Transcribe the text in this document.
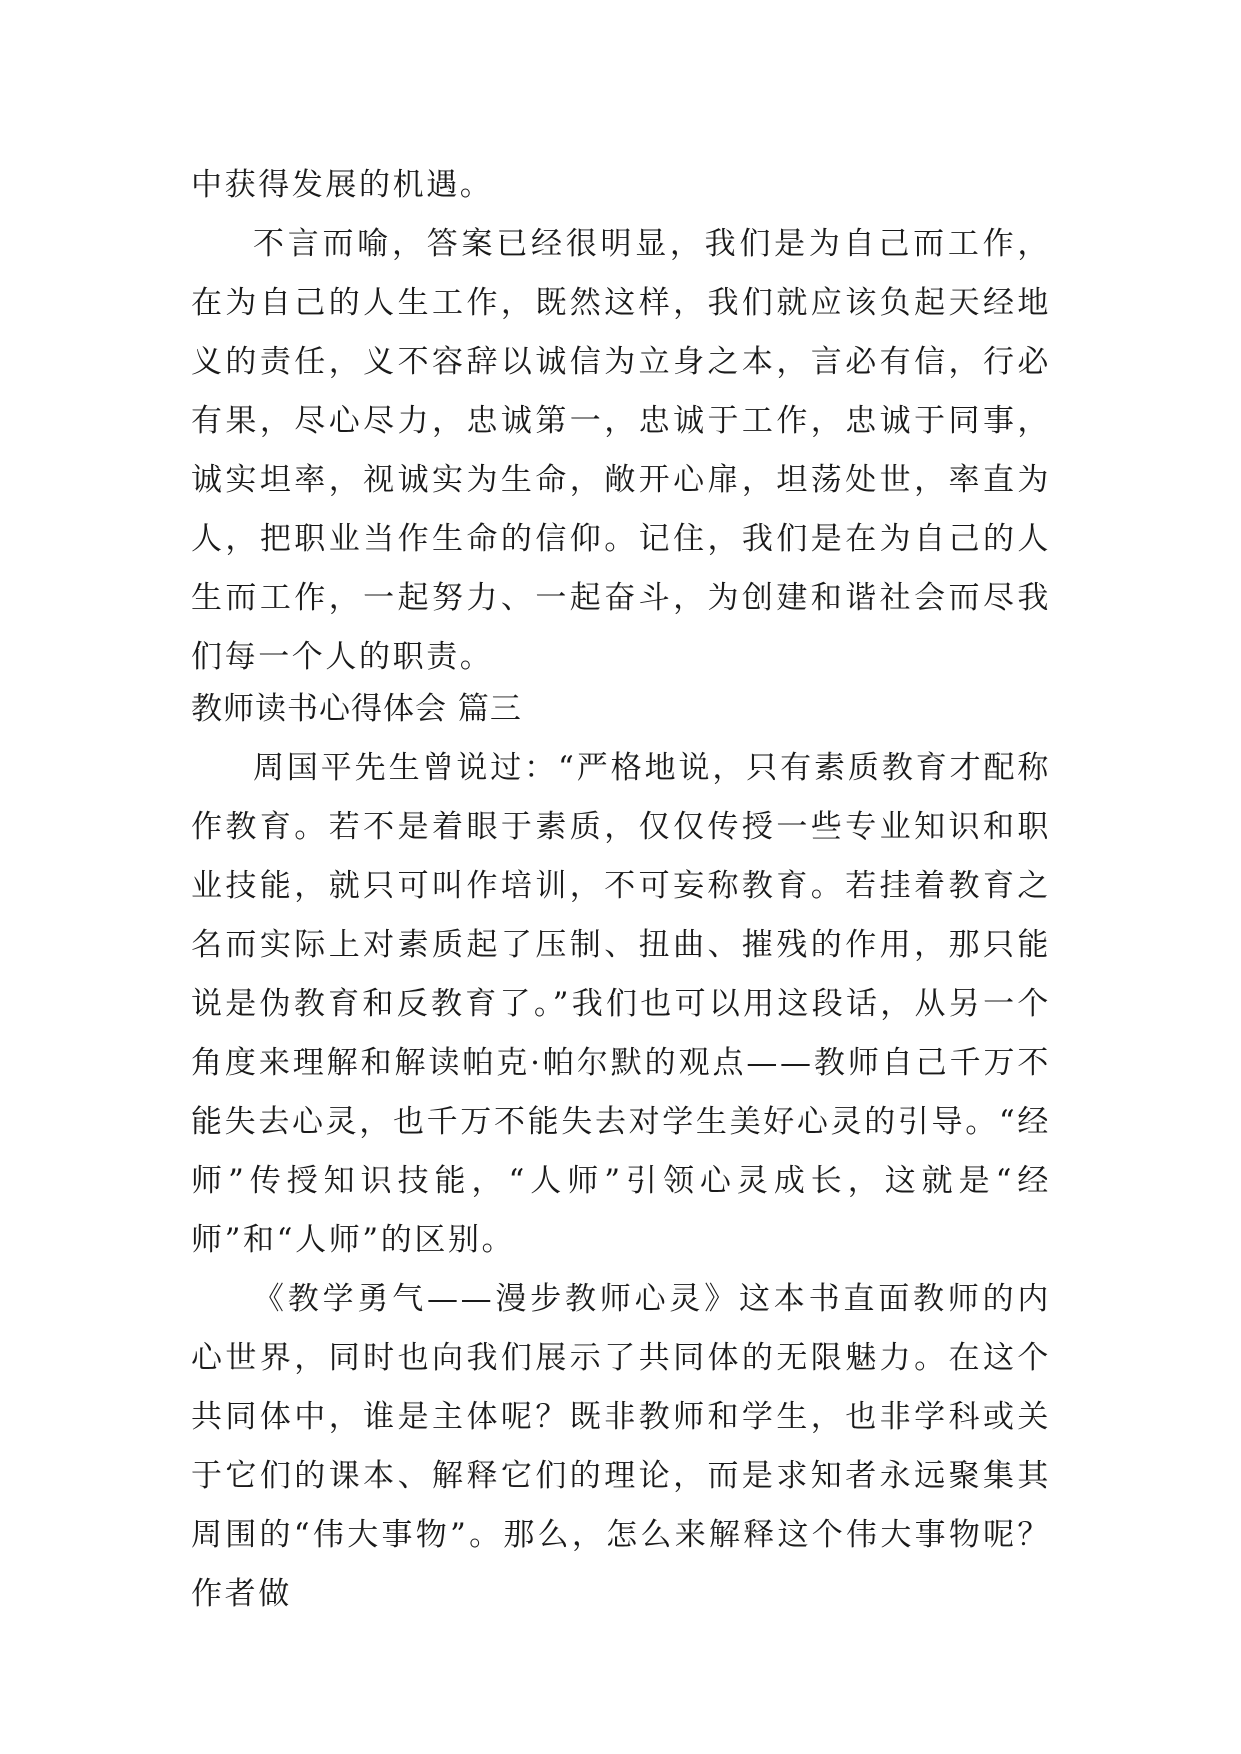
中获得发展的机遇。

不言而喻，答案已经很明显，我们是为自己而工作，在为自己的人生工作，既然这样，我们就应该负起天经地义的责任，义不容辞以诚信为立身之本，言必有信，行必有果，尽心尽力，忠诚第一，忠诚于工作，忠诚于同事，诚实坦率，视诚实为生命，敞开心扉，坦荡处世，率直为人，把职业当作生命的信仰。记住，我们是在为自己的人生而工作，一起努力、一起奋斗，为创建和谐社会而尽我们每一个人的职责。

教师读书心得体会 篇三

周国平先生曾说过：“严格地说，只有素质教育才配称作教育。若不是着眼于素质，仅仅传授一些专业知识和职业技能，就只可叫作培训，不可妄称教育。若挂着教育之名而实际上对素质起了压制、扭曲、摧残的作用，那只能说是伪教育和反教育了。”我们也可以用这段话，从另一个角度来理解和解读帕克·帕尔默的观点——教师自己千万不能失去心灵，也千万不能失去对学生美好心灵的引导。“经师”传授知识技能，“人师”引领心灵成长，这就是“经师”和“人师”的区别。

《教学勇气——漫步教师心灵》这本书直面教师的内心世界，同时也向我们展示了共同体的无限魅力。在这个共同体中，谁是主体呢？既非教师和学生，也非学科或关于它们的课本、解释它们的理论，而是求知者永远聚集其周围的“伟大事物”。那么，怎么来解释这个伟大事物呢？作者做
